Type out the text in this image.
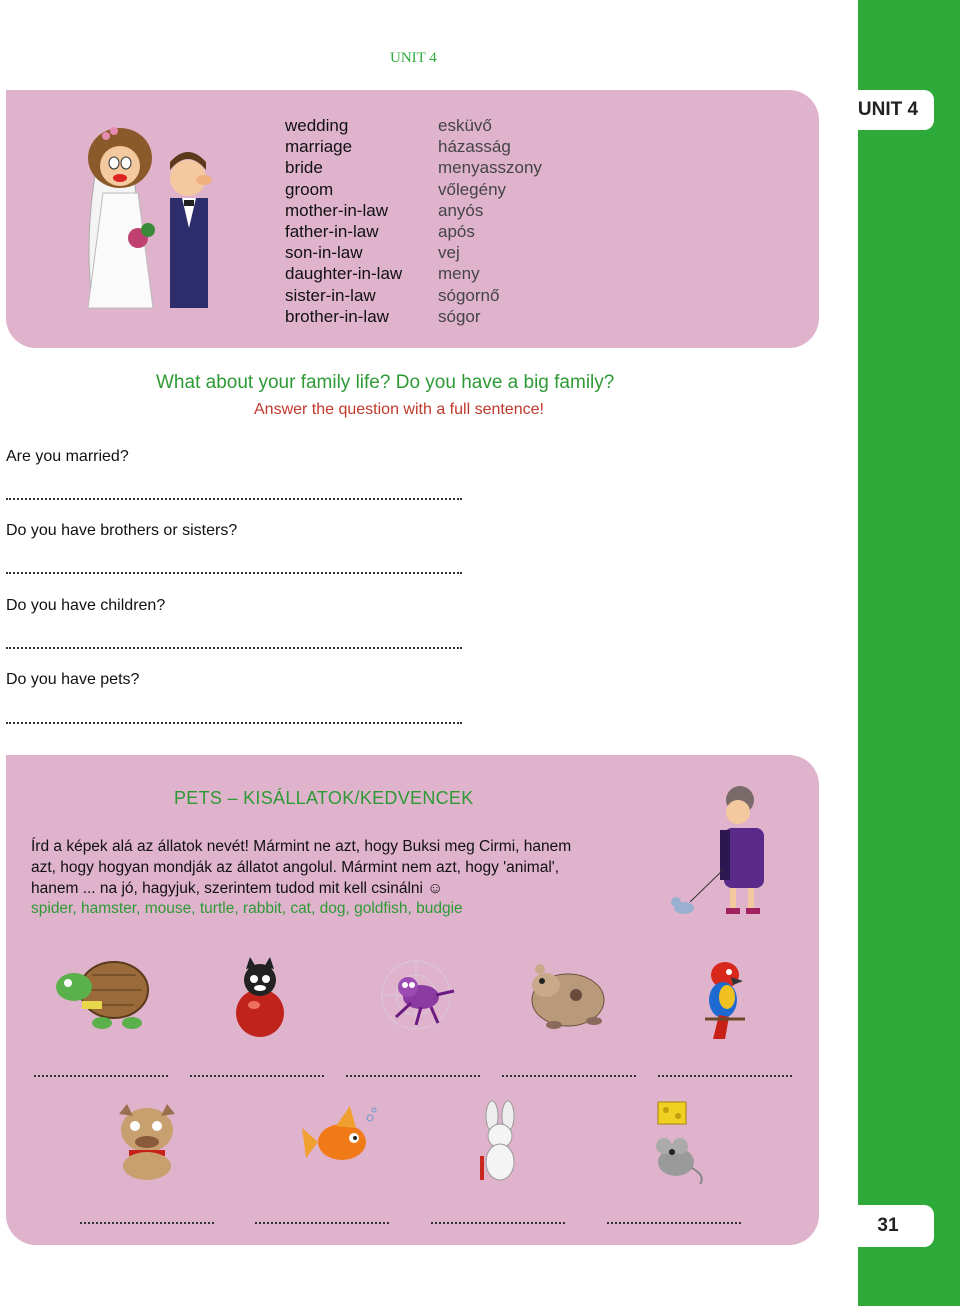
UNIT 4
31
UNIT 4
wedding
marriage
bride
groom
mother-in-law
father-in-law
son-in-law
daughter-in-law
sister-in-law
brother-in-law
esküvő
házasság
menyasszony
vőlegény
anyós
após
vej
meny
sógornő
sógor
What about your family life? Do you have a big family?
Answer the question with a full sentence!
Are you married?
Do you have brothers or sisters?
Do you have children?
Do you have pets?
PETS – KISÁLLATOK/KEDVENCEK
Írd a képek alá az állatok nevét! Mármint ne azt, hogy Buksi meg Cirmi, hanem
azt, hogy hogyan mondják az állatot angolul. Mármint nem azt, hogy 'animal',
hanem ... na jó, hagyjuk, szerintem tudod mit kell csinálni ☺
spider, hamster, mouse, turtle, rabbit, cat, dog, goldfish, budgie
